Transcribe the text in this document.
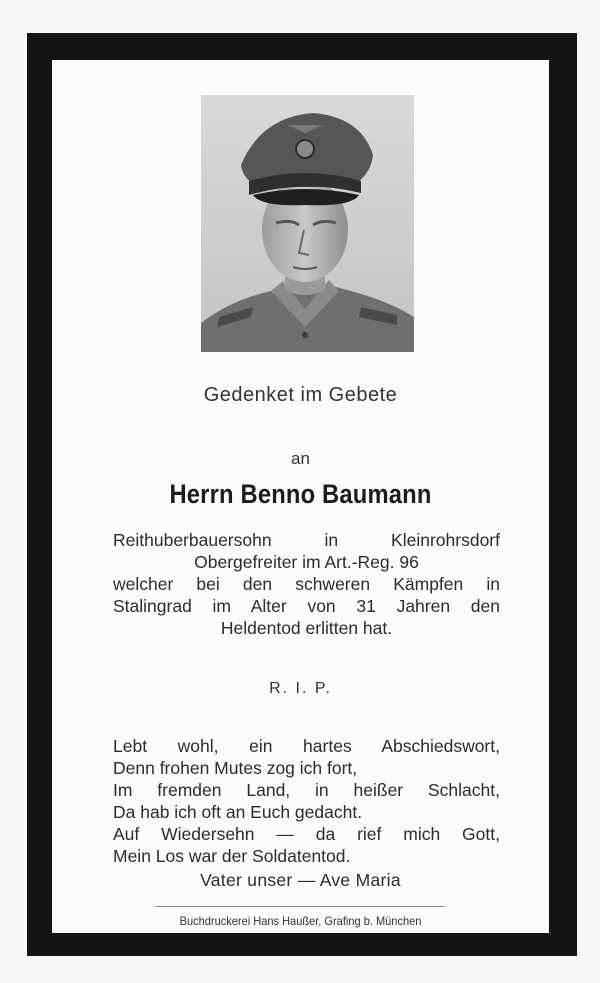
Gedenket im Gebete
an
Herrn Benno Baumann
Reithuberbauersohn in Kleinrohrsdorf
Obergefreiter im Art.-Reg. 96
welcher bei den schweren Kämpfen in
Stalingrad im Alter von 31 Jahren den
Heldentod erlitten hat.
R. I. P.
Lebt wohl, ein hartes Abschiedswort,
Denn frohen Mutes zog ich fort,
Im fremden Land, in heißer Schlacht,
Da hab ich oft an Euch gedacht.
Auf Wiedersehn — da rief mich Gott,
Mein Los war der Soldatentod.
Vater unser — Ave Maria
Buchdruckerei Hans Haußer, Grafing b. München
